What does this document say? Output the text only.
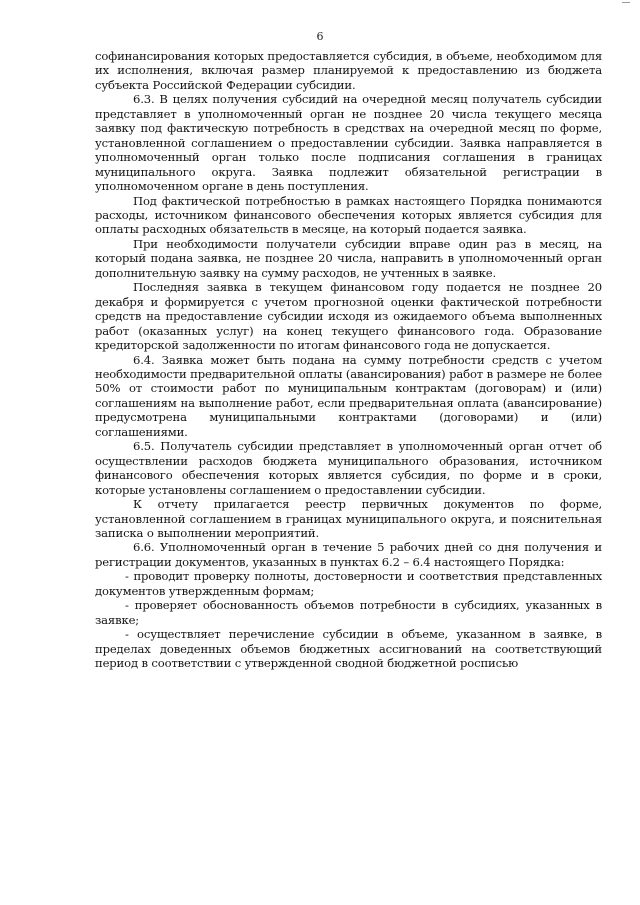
6

софинансирования которых предоставляется субсидия, в объеме, необходимом для их исполнения, включая размер планируемой к предоставлению из бюджета субъекта Российской Федерации субсидии.

6.3. В целях получения субсидий на очередной месяц получатель субсидии представляет в уполномоченный орган не позднее 20 числа текущего месяца заявку под фактическую потребность в средствах на очередной месяц по форме, установленной соглашением о предоставлении субсидии. Заявка направляется в уполномоченный орган только после подписания соглашения в границах муниципального округа. Заявка подлежит обязательной регистрации в уполномоченном органе в день поступления.

Под фактической потребностью в рамках настоящего Порядка понимаются расходы, источником финансового обеспечения которых является субсидия для оплаты расходных обязательств в месяце, на который подается заявка.

При необходимости получатели субсидии вправе один раз в месяц, на который подана заявка, не позднее 20 числа, направить в уполномоченный орган дополнительную заявку на сумму расходов, не учтенных в заявке.

Последняя заявка в текущем финансовом году подается не позднее 20 декабря и формируется с учетом прогнозной оценки фактической потребности средств на предоставление субсидии исходя из ожидаемого объема выполненных работ (оказанных услуг) на конец текущего финансового года. Образование кредиторской задолженности по итогам финансового года не допускается.

6.4. Заявка может быть подана на сумму потребности средств с учетом необходимости предварительной оплаты (авансирования) работ в размере не более 50% от стоимости работ по муниципальным контрактам (договорам) и (или) соглашениям на выполнение работ, если предварительная оплата (авансирование) предусмотрена муниципальными контрактами (договорами) и (или) соглашениями.

6.5. Получатель субсидии представляет в уполномоченный орган отчет об осуществлении расходов бюджета муниципального образования, источником финансового обеспечения которых является субсидия, по форме и в сроки, которые установлены соглашением о предоставлении субсидии.

К отчету прилагается реестр первичных документов по форме, установленной соглашением в границах муниципального округа, и пояснительная записка о выполнении мероприятий.

6.6. Уполномоченный орган в течение 5 рабочих дней со дня получения и регистрации документов, указанных в пунктах 6.2 – 6.4 настоящего Порядка:

- проводит проверку полноты, достоверности и соответствия представленных документов утвержденным формам;

- проверяет обоснованность объемов потребности в субсидиях, указанных в заявке;

- осуществляет перечисление субсидии в объеме, указанном в заявке, в пределах доведенных объемов бюджетных ассигнований на соответствующий период в соответствии с утвержденной сводной бюджетной росписью
